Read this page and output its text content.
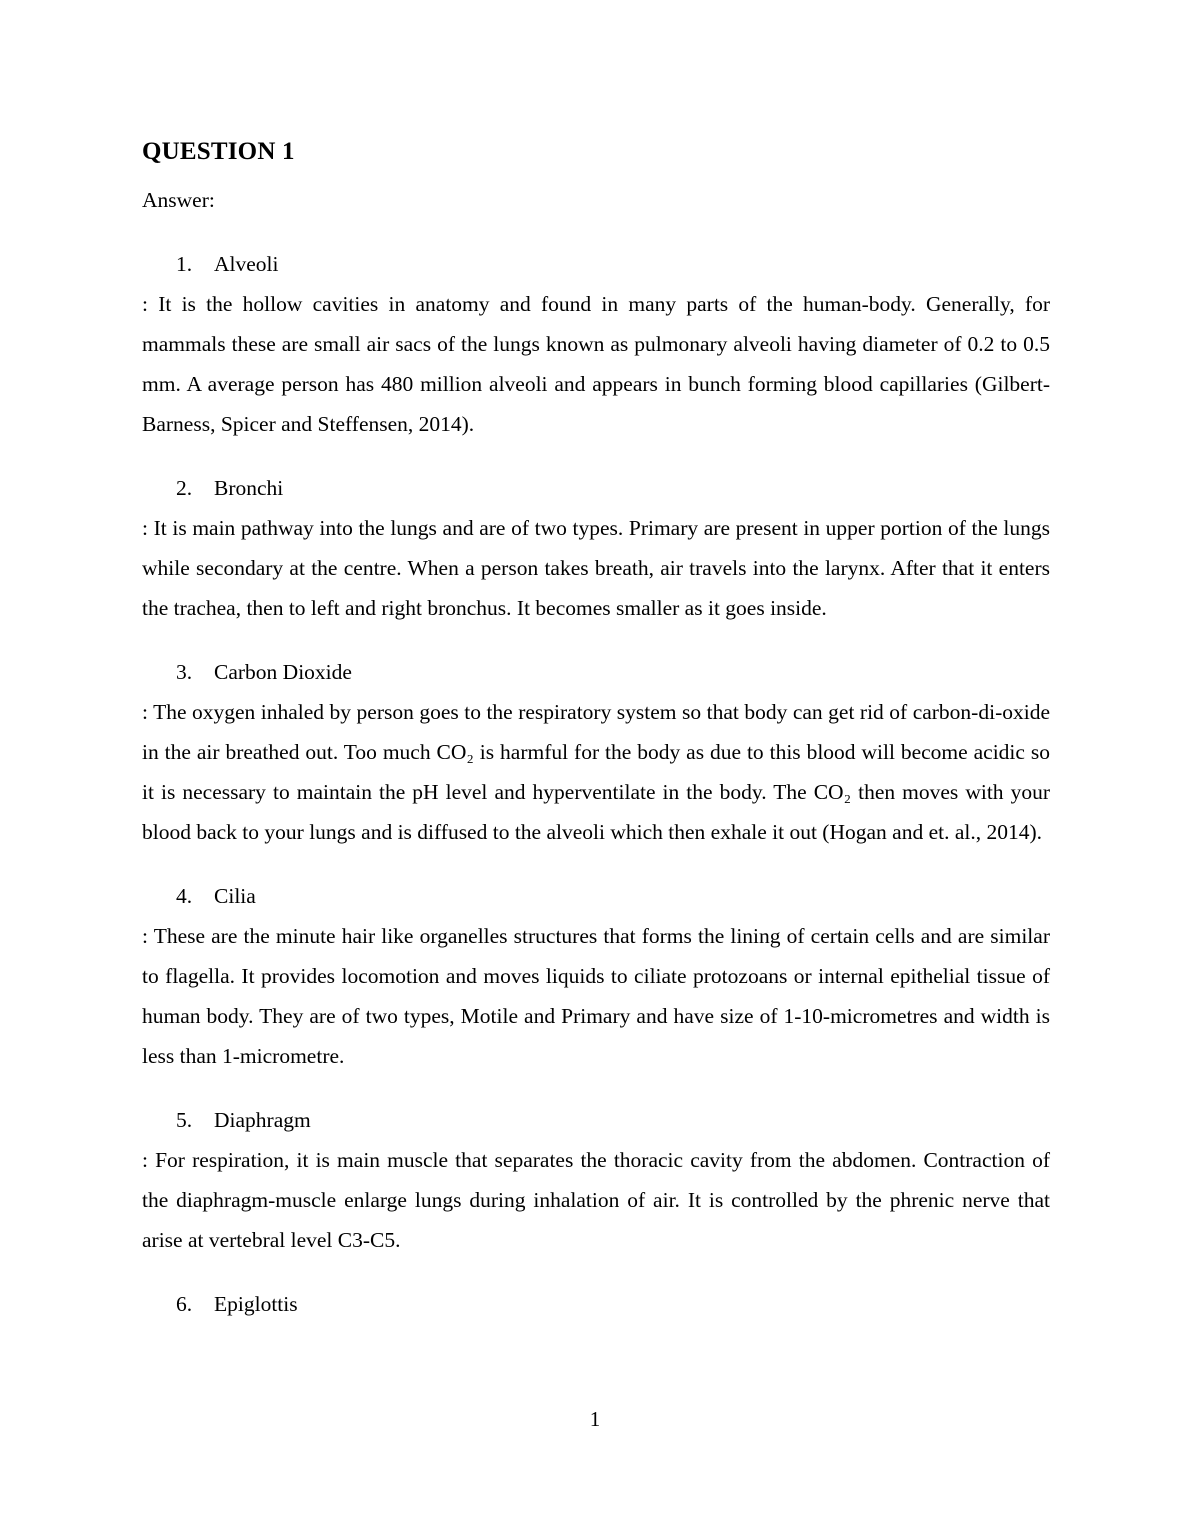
QUESTION 1

Answer:

1.	Alveoli

: It is the hollow cavities in anatomy and found in many parts of the human-body. Generally, for mammals these are small air sacs of the lungs known as pulmonary alveoli having diameter of 0.2 to 0.5 mm. A average person has 480 million alveoli and appears in bunch forming blood capillaries (Gilbert-Barness, Spicer and Steffensen, 2014).

2.	Bronchi

: It is main pathway into the lungs and are of two types. Primary are present in upper portion of the lungs while secondary at the centre. When a person takes breath, air travels into the larynx. After that it enters the trachea, then to left and right bronchus. It becomes smaller as it goes inside.

3.	Carbon Dioxide

: The oxygen inhaled by person goes to the respiratory system so that body can get rid of carbon-di-oxide in the air breathed out. Too much CO₂ is harmful for the body as due to this blood will become acidic so it is necessary to maintain the pH level and hyperventilate in the body. The CO₂ then moves with your blood back to your lungs and is diffused to the alveoli which then exhale it out (Hogan and et. al., 2014).

4.	Cilia

: These are the minute hair like organelles structures that forms the lining of certain cells and are similar to flagella. It provides locomotion and moves liquids to ciliate protozoans or internal epithelial tissue of human body. They are of two types, Motile and Primary and have size of 1-10-micrometres and width is less than 1-micrometre.

5.	Diaphragm

: For respiration, it is main muscle that separates the thoracic cavity from the abdomen. Contraction of the diaphragm-muscle enlarge lungs during inhalation of air. It is controlled by the phrenic nerve that arise at vertebral level C3-C5.

6.	Epiglottis
1
